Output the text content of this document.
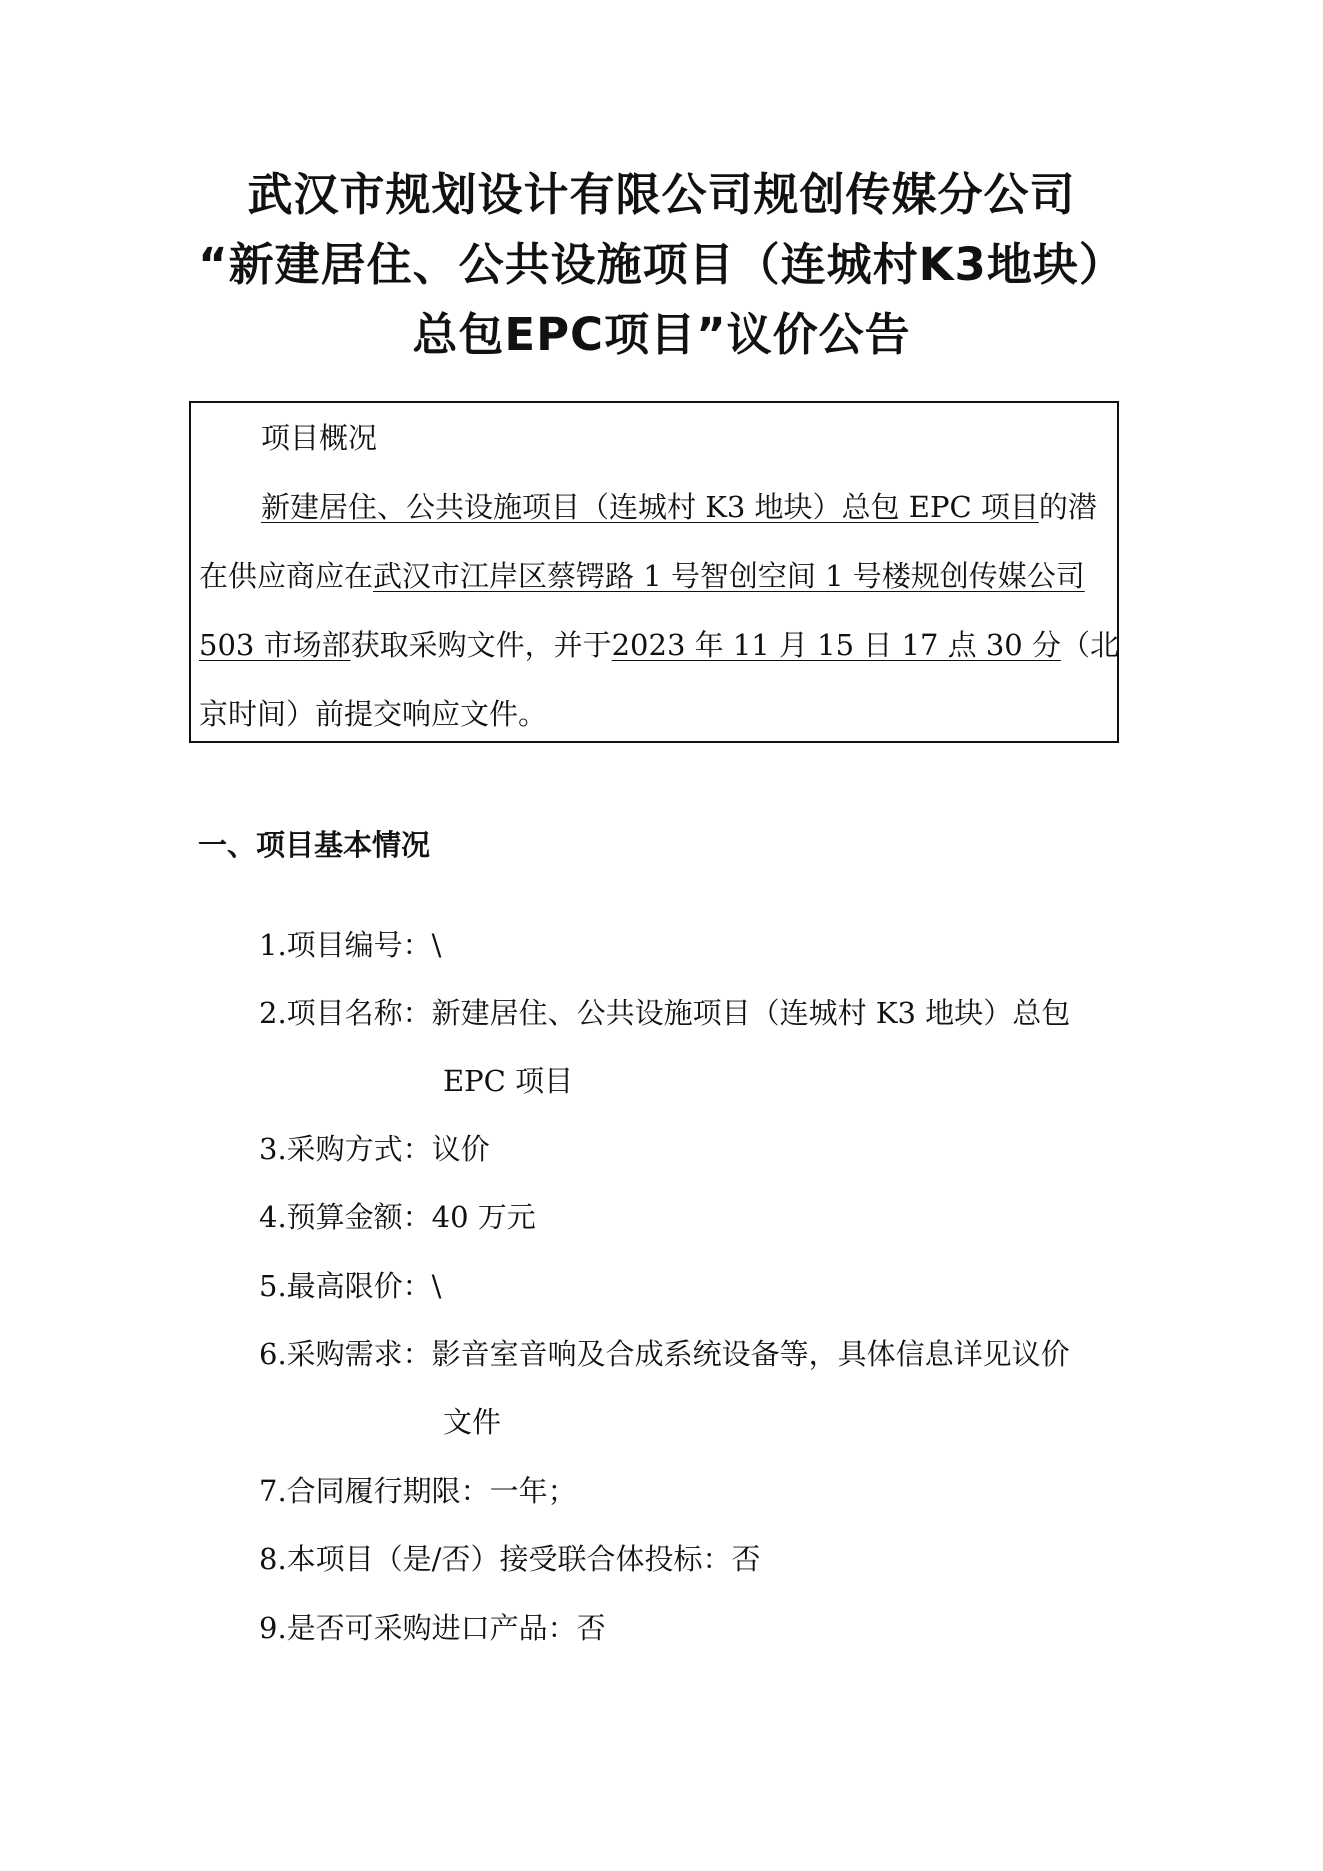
武汉市规划设计有限公司规创传媒分公司
“新建居住、公共设施项目（连城村K3地块）
总包EPC项目”议价公告
项目概况
新建居住、公共设施项目（连城村 K3 地块）总包 EPC 项目的潜
在供应商应在武汉市江岸区蔡锷路 1 号智创空间 1 号楼规创传媒公司
503 市场部获取采购文件，并于2023 年 11 月 15 日 17 点 30 分（北
京时间）前提交响应文件。
一、项目基本情况
1.项目编号：\
2.项目名称：新建居住、公共设施项目（连城村 K3 地块）总包
EPC 项目
3.采购方式：议价
4.预算金额：40 万元
5.最高限价：\
6.采购需求：影音室音响及合成系统设备等，具体信息详见议价
文件
7.合同履行期限：一年；
8.本项目（是/否）接受联合体投标：否
9.是否可采购进口产品：否
